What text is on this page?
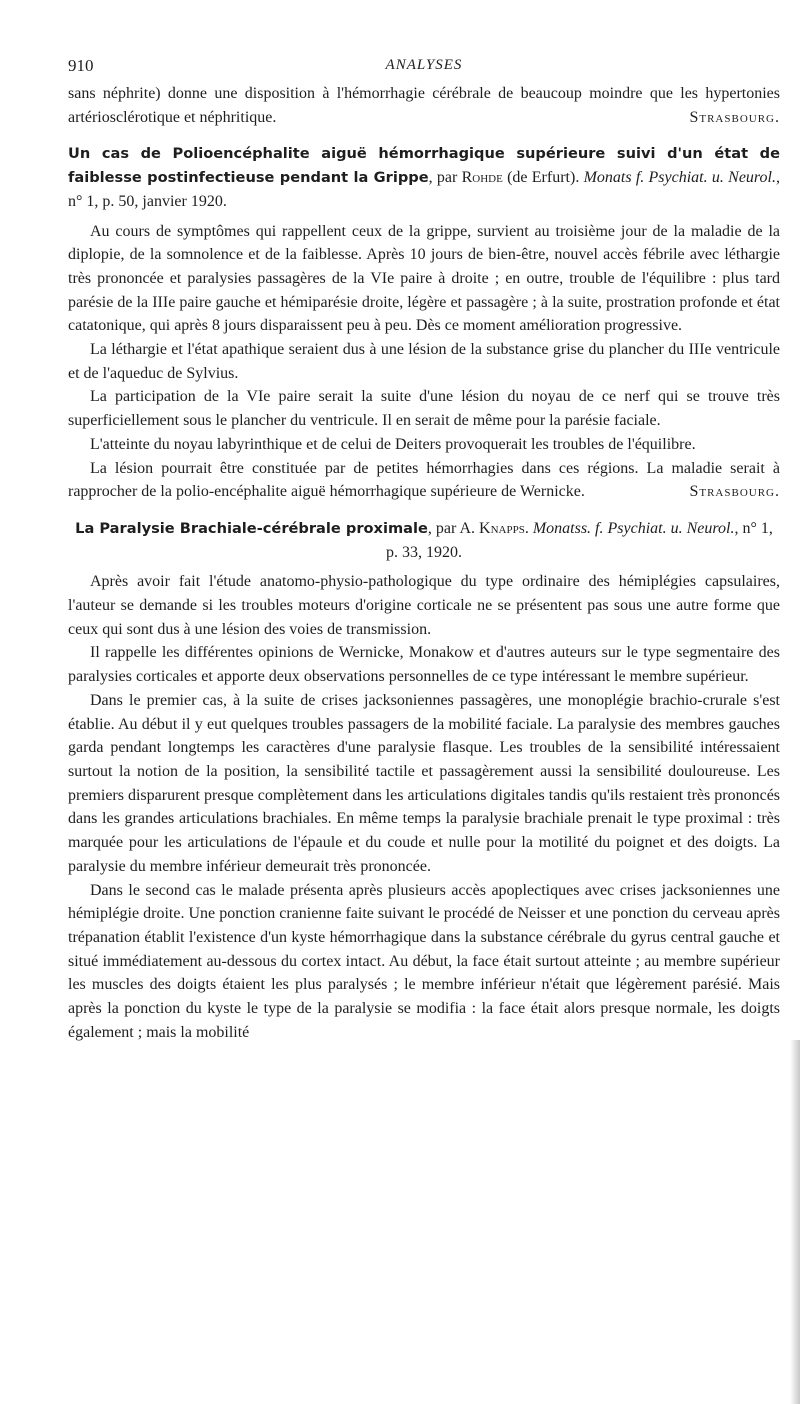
910	ANALYSES

sans néphrite) donne une disposition à l'hémorrhagie cérébrale de beaucoup moindre que les hypertonies artériosclérotique et néphritique.	Strasbourg.

Un cas de Polioencéphalite aiguë hémorrhagique supérieure suivi d'un état de faiblesse postinfectieuse pendant la Grippe, par Rohde (de Erfurt). Monats f. Psychiat. u. Neurol., n° 1, p. 50, janvier 1920.

Au cours de symptômes qui rappellent ceux de la grippe, survient au troisième jour de la maladie de la diplopie, de la somnolence et de la faiblesse. Après 10 jours de bien-être, nouvel accès fébrile avec léthargie très prononcée et paralysies passagères de la VIe paire à droite ; en outre, trouble de l'équilibre : plus tard parésie de la IIIe paire gauche et hémiparésie droite, légère et passagère ; à la suite, prostration profonde et état catatonique, qui après 8 jours disparaissent peu à peu. Dès ce moment amélioration progressive.

La léthargie et l'état apathique seraient dus à une lésion de la substance grise du plancher du IIIe ventricule et de l'aqueduc de Sylvius.

La participation de la VIe paire serait la suite d'une lésion du noyau de ce nerf qui se trouve très superficiellement sous le plancher du ventricule. Il en serait de même pour la parésie faciale.

L'atteinte du noyau labyrinthique et de celui de Deiters provoquerait les troubles de l'équilibre.

La lésion pourrait être constituée par de petites hémorrhagies dans ces régions. La maladie serait à rapprocher de la polio-encéphalite aiguë hémorrhagique supérieure de Wernicke.	Strasbourg.

La Paralysie Brachiale-cérébrale proximale, par A. Knapps. Monatss. f. Psychiat. u. Neurol., n° 1, p. 33, 1920.

Après avoir fait l'étude anatomo-physio-pathologique du type ordinaire des hémiplégies capsulaires, l'auteur se demande si les troubles moteurs d'origine corticale ne se présentent pas sous une autre forme que ceux qui sont dus à une lésion des voies de transmission.

Il rappelle les différentes opinions de Wernicke, Monakow et d'autres auteurs sur le type segmentaire des paralysies corticales et apporte deux observations personnelles de ce type intéressant le membre supérieur.

Dans le premier cas, à la suite de crises jacksoniennes passagères, une monoplégie brachio-crurale s'est établie. Au début il y eut quelques troubles passagers de la mobilité faciale. La paralysie des membres gauches garda pendant longtemps les caractères d'une paralysie flasque. Les troubles de la sensibilité intéressaient surtout la notion de la position, la sensibilité tactile et passagèrement aussi la sensibilité douloureuse. Les premiers disparurent presque complètement dans les articulations digitales tandis qu'ils restaient très prononcés dans les grandes articulations brachiales. En même temps la paralysie brachiale prenait le type proximal : très marquée pour les articulations de l'épaule et du coude et nulle pour la motilité du poignet et des doigts. La paralysie du membre inférieur demeurait très prononcée.

Dans le second cas le malade présenta après plusieurs accès apoplectiques avec crises jacksoniennes une hémiplégie droite. Une ponction cranienne faite suivant le procédé de Neisser et une ponction du cerveau après trépanation établit l'existence d'un kyste hémorrhagique dans la substance cérébrale du gyrus central gauche et situé immédiatement au-dessous du cortex intact. Au début, la face était surtout atteinte ; au membre supérieur les muscles des doigts étaient les plus paralysés ; le membre inférieur n'était que légèrement parésié. Mais après la ponction du kyste le type de la paralysie se modifia : la face était alors presque normale, les doigts également ; mais la mobilité
